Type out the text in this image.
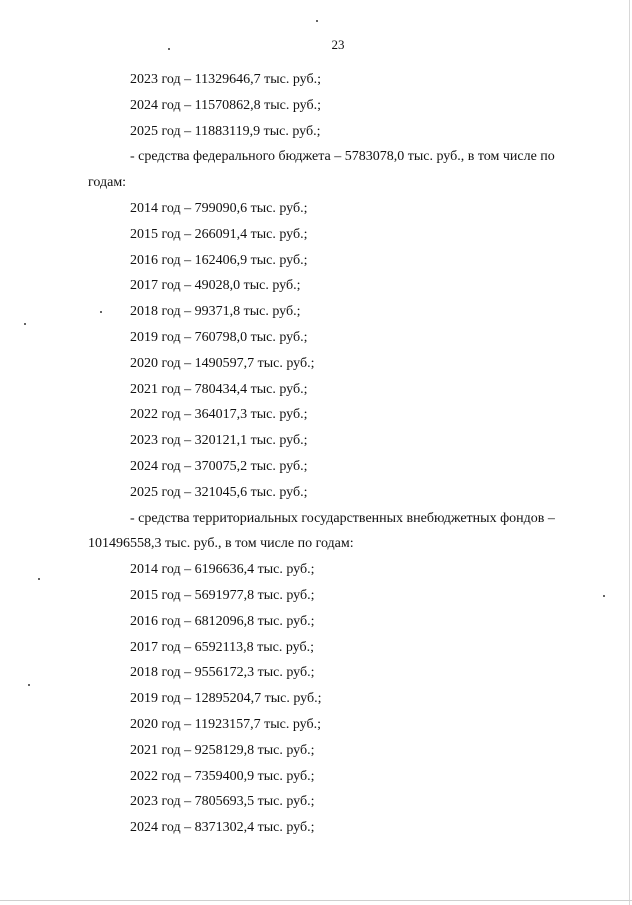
23
2023 год – 11329646,7 тыс. руб.;
2024 год – 11570862,8 тыс. руб.;
2025 год – 11883119,9 тыс. руб.;
- средства федерального бюджета – 5783078,0 тыс. руб., в том числе по
годам:
2014 год – 799090,6 тыс. руб.;
2015 год – 266091,4 тыс. руб.;
2016 год – 162406,9 тыс. руб.;
2017 год – 49028,0 тыс. руб.;
2018 год – 99371,8 тыс. руб.;
2019 год – 760798,0 тыс. руб.;
2020 год – 1490597,7 тыс. руб.;
2021 год – 780434,4 тыс. руб.;
2022 год – 364017,3 тыс. руб.;
2023 год – 320121,1 тыс. руб.;
2024 год – 370075,2 тыс. руб.;
2025 год – 321045,6 тыс. руб.;
- средства территориальных государственных внебюджетных фондов –
101496558,3 тыс. руб., в том числе по годам:
2014 год – 6196636,4 тыс. руб.;
2015 год – 5691977,8 тыс. руб.;
2016 год – 6812096,8 тыс. руб.;
2017 год – 6592113,8 тыс. руб.;
2018 год – 9556172,3 тыс. руб.;
2019 год – 12895204,7 тыс. руб.;
2020 год – 11923157,7 тыс. руб.;
2021 год – 9258129,8 тыс. руб.;
2022 год – 7359400,9 тыс. руб.;
2023 год – 7805693,5 тыс. руб.;
2024 год – 8371302,4 тыс. руб.;
